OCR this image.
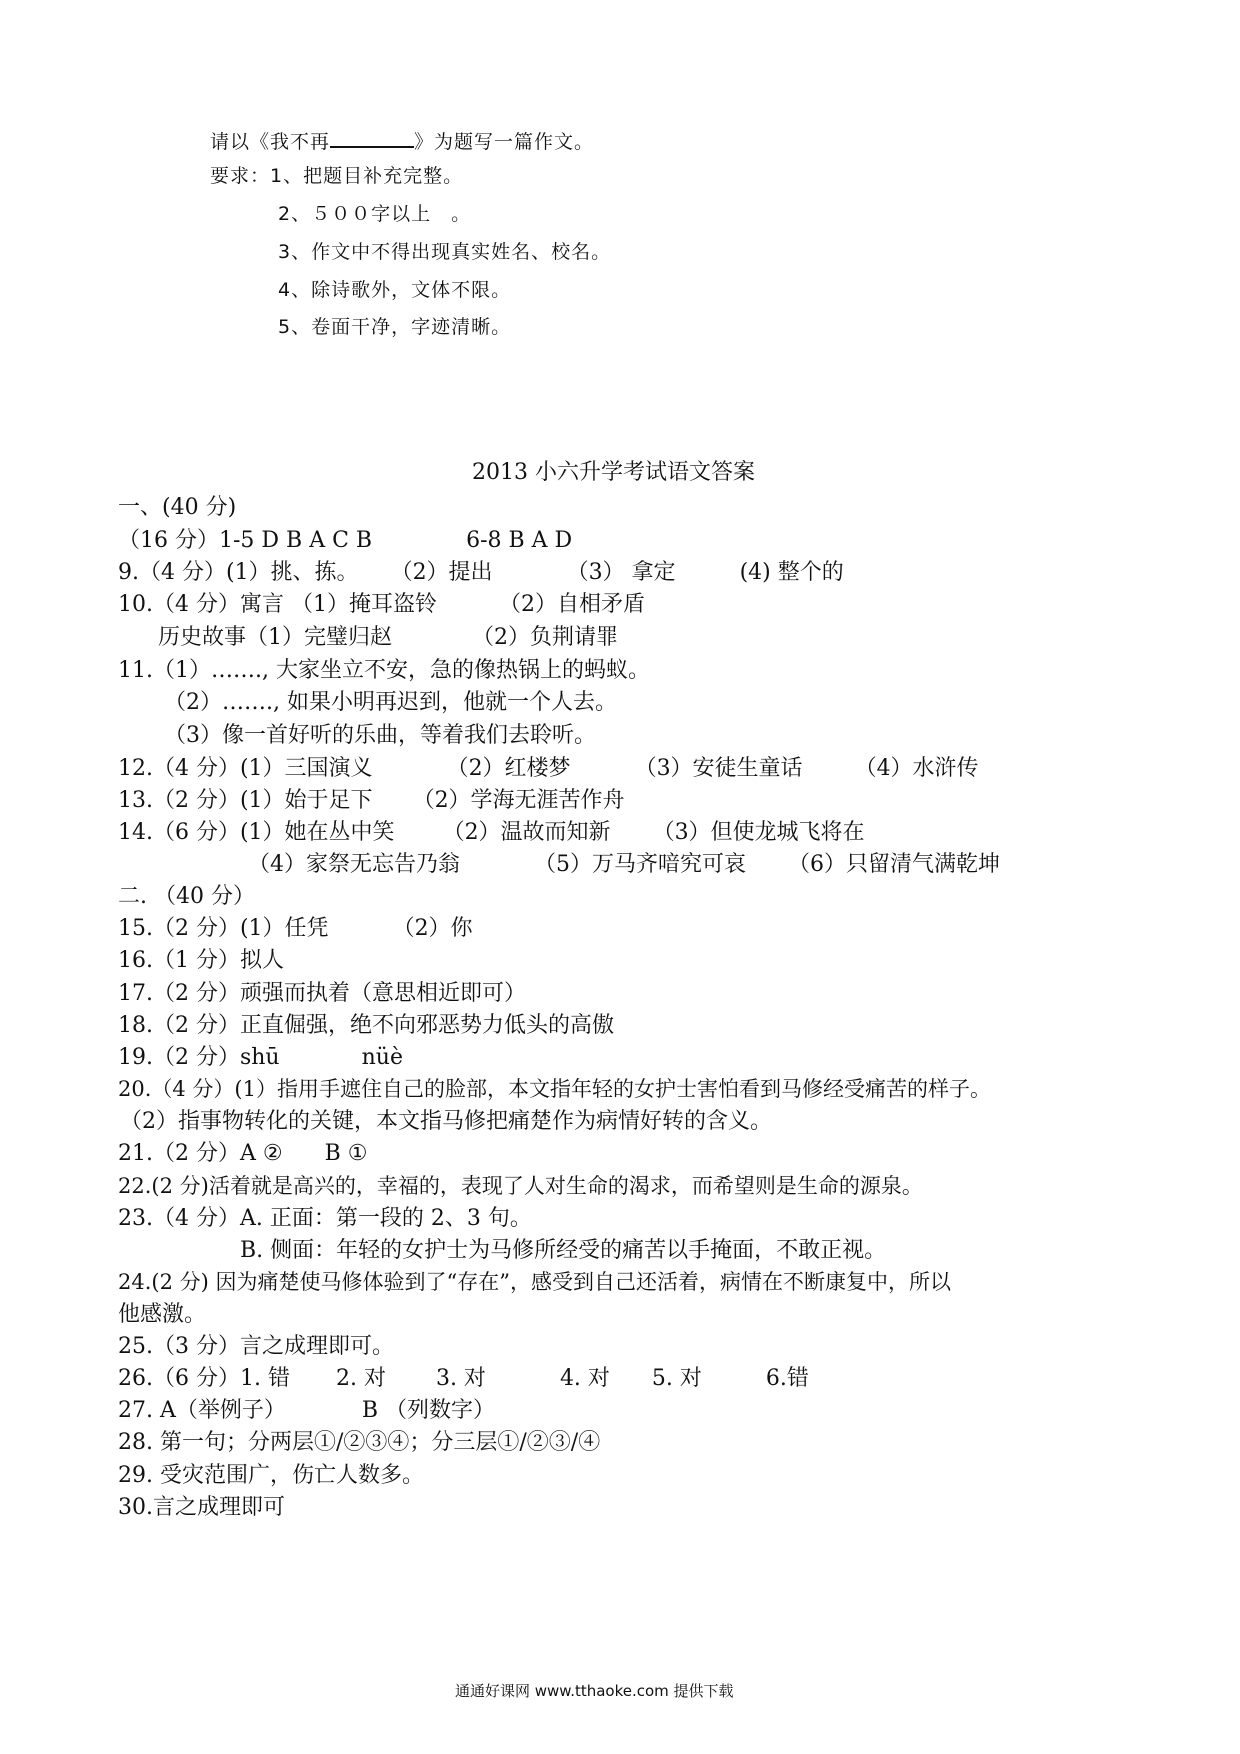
请以《我不再	》为题写一篇作文。
要求：1、把题目补充完整。
2、５００字以上　。
3、作文中不得出现真实姓名、校名。
4、除诗歌外，文体不限。
5、卷面干净，字迹清晰。
2013 小六升学考试语文答案
一、(40 分)
（16 分）1-5 D B A C B	6-8 B A D
9.（4 分）(1）挑、拣。 （2）提出	（3） 拿定	(4) 整个的
10.（4 分）寓言 （1）掩耳盗铃	（2）自相矛盾
历史故事（1）完璧归赵	（2）负荆请罪
11.（1）……., 大家坐立不安，急的像热锅上的蚂蚁。
（2）……., 如果小明再迟到，他就一个人去。
（3）像一首好听的乐曲，等着我们去聆听。
12.（4 分）(1）三国演义	（2）红楼梦	（3）安徒生童话 （4）水浒传
13.（2 分）(1）始于足下 （2）学海无涯苦作舟
14.（6 分）(1）她在丛中笑 （2）温故而知新 （3）但使龙城飞将在
（4）家祭无忘告乃翁	（5）万马齐喑究可哀 （6）只留清气满乾坤
二. （40 分）
15.（2 分）(1）任凭	（2）你
16.（1 分）拟人
17.（2 分）顽强而执着（意思相近即可）
18.（2 分）正直倔强，绝不向邪恶势力低头的高傲
19.（2 分）shū	nüè
20.（4 分）(1）指用手遮住自己的脸部，本文指年轻的女护士害怕看到马修经受痛苦的样子。
（2）指事物转化的关键，本文指马修把痛楚作为病情好转的含义。
21.（2 分）A ② B ①
22.(2 分)活着就是高兴的，幸福的，表现了人对生命的渴求，而希望则是生命的源泉。
23.（4 分）A. 正面：第一段的 2、3 句。
B. 侧面：年轻的女护士为马修所经受的痛苦以手掩面，不敢正视。
24.(2 分) 因为痛楚使马修体验到了“存在”，感受到自己还活着，病情在不断康复中，所以
他感激。
25.（3 分）言之成理即可。
26.（6 分）1. 错 2. 对 3. 对	4. 对 5. 对	6.错
27. A（举例子）	B （列数字）
28. 第一句；分两层①/②③④；分三层①/②③/④
29. 受灾范围广，伤亡人数多。
30.言之成理即可
通通好课网 www.tthaoke.com 提供下载
